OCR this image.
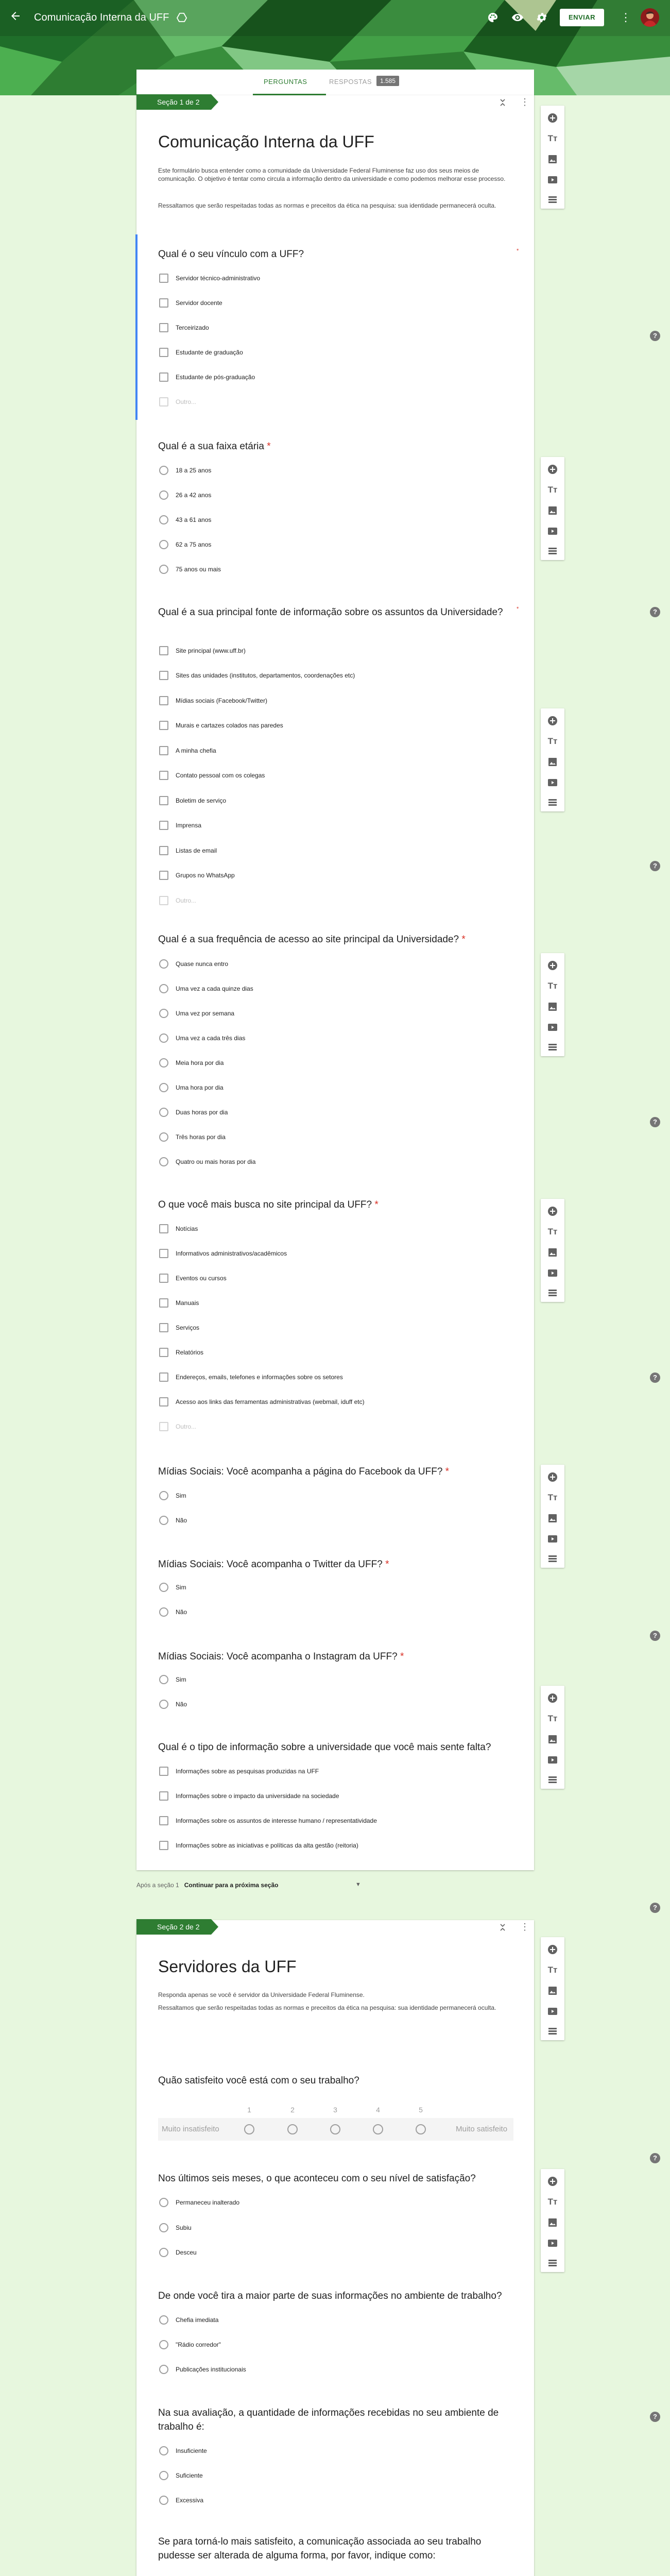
Comunicação Interna da UFF	ENVIAR	⋮
PERGUNTAS	RESPOSTAS	1.585
Seção 1 de 2	⋮
Comunicação Interna da UFF
Este formulário busca entender como a comunidade da Universidade Federal Fluminense faz uso dos seus meios de comunicação. O objetivo é tentar como circula a informação dentro da universidade e como podemos melhorar esse processo.
Ressaltamos que serão respeitadas todas as normas e preceitos da ética na pesquisa: sua identidade permanecerá oculta.
Qual é o seu vínculo com a UFF?	*
Servidor técnico-administrativo
Servidor docente
Terceirizado
Estudante de graduação
Estudante de pós-graduação
Outro...
Qual é a sua faixa etária *
18 a 25 anos
26 a 42 anos
43 a 61 anos
62 a 75 anos
75 anos ou mais
Qual é a sua principal fonte de informação sobre os assuntos da Universidade?	*
Site principal (www.uff.br)
Sites das unidades (institutos, departamentos, coordenações etc)
Mídias sociais (Facebook/Twitter)
Murais e cartazes colados nas paredes
A minha chefia
Contato pessoal com os colegas
Boletim de serviço
Imprensa
Listas de email
Grupos no WhatsApp
Outro...
Qual é a sua frequência de acesso ao site principal da Universidade? *
Quase nunca entro
Uma vez a cada quinze dias
Uma vez por semana
Uma vez a cada três dias
Meia hora por dia
Uma hora por dia
Duas horas por dia
Três horas por dia
Quatro ou mais horas por dia
O que você mais busca no site principal da UFF? *
Notícias
Informativos administrativos/acadêmicos
Eventos ou cursos
Manuais
Serviços
Relatórios
Endereços, emails, telefones e informações sobre os setores
Acesso aos links das ferramentas administrativas (webmail, iduff etc)
Outro...
Mídias Sociais: Você acompanha a página do Facebook da UFF? *
Sim
Não
Mídias Sociais: Você acompanha o Twitter da UFF? *
Sim
Não
Mídias Sociais: Você acompanha o Instagram da UFF? *
Sim
Não
Qual é o tipo de informação sobre a universidade que você mais sente falta?
Informações sobre as pesquisas produzidas na UFF
Informações sobre o impacto da universidade na sociedade
Informações sobre os assuntos de interesse humano / representatividade
Informações sobre as iniciativas e políticas da alta gestão (reitoria)
Após a seção 1 Continuar para a próxima seção	▼
Seção 2 de 2	⋮
Servidores da UFF
Responda apenas se você é servidor da Universidade Federal Fluminense.
Ressaltamos que serão respeitadas todas as normas e preceitos da ética na pesquisa: sua identidade permanecerá oculta.
Quão satisfeito você está com o seu trabalho?
1	2	3	4	5
Muito insatisfeito	Muito satisfeito
Nos últimos seis meses, o que aconteceu com o seu nível de satisfação?
Permaneceu inalterado
Subiu
Desceu
De onde você tira a maior parte de suas informações no ambiente de trabalho?
Chefia imediata
"Rádio corredor"
Publicações institucionais
Na sua avaliação, a quantidade de informações recebidas no seu ambiente de trabalho é:
Insuficiente
Suficiente
Excessiva
Se para torná-lo mais satisfeito, a comunicação associada ao seu trabalho pudesse ser alterada de alguma forma, por favor, indique como:
Tт
Tт
Tт
Tт
Tт
Tт
Tт
Tт
Tт
?
?
?
?
?
?
?
?
?
